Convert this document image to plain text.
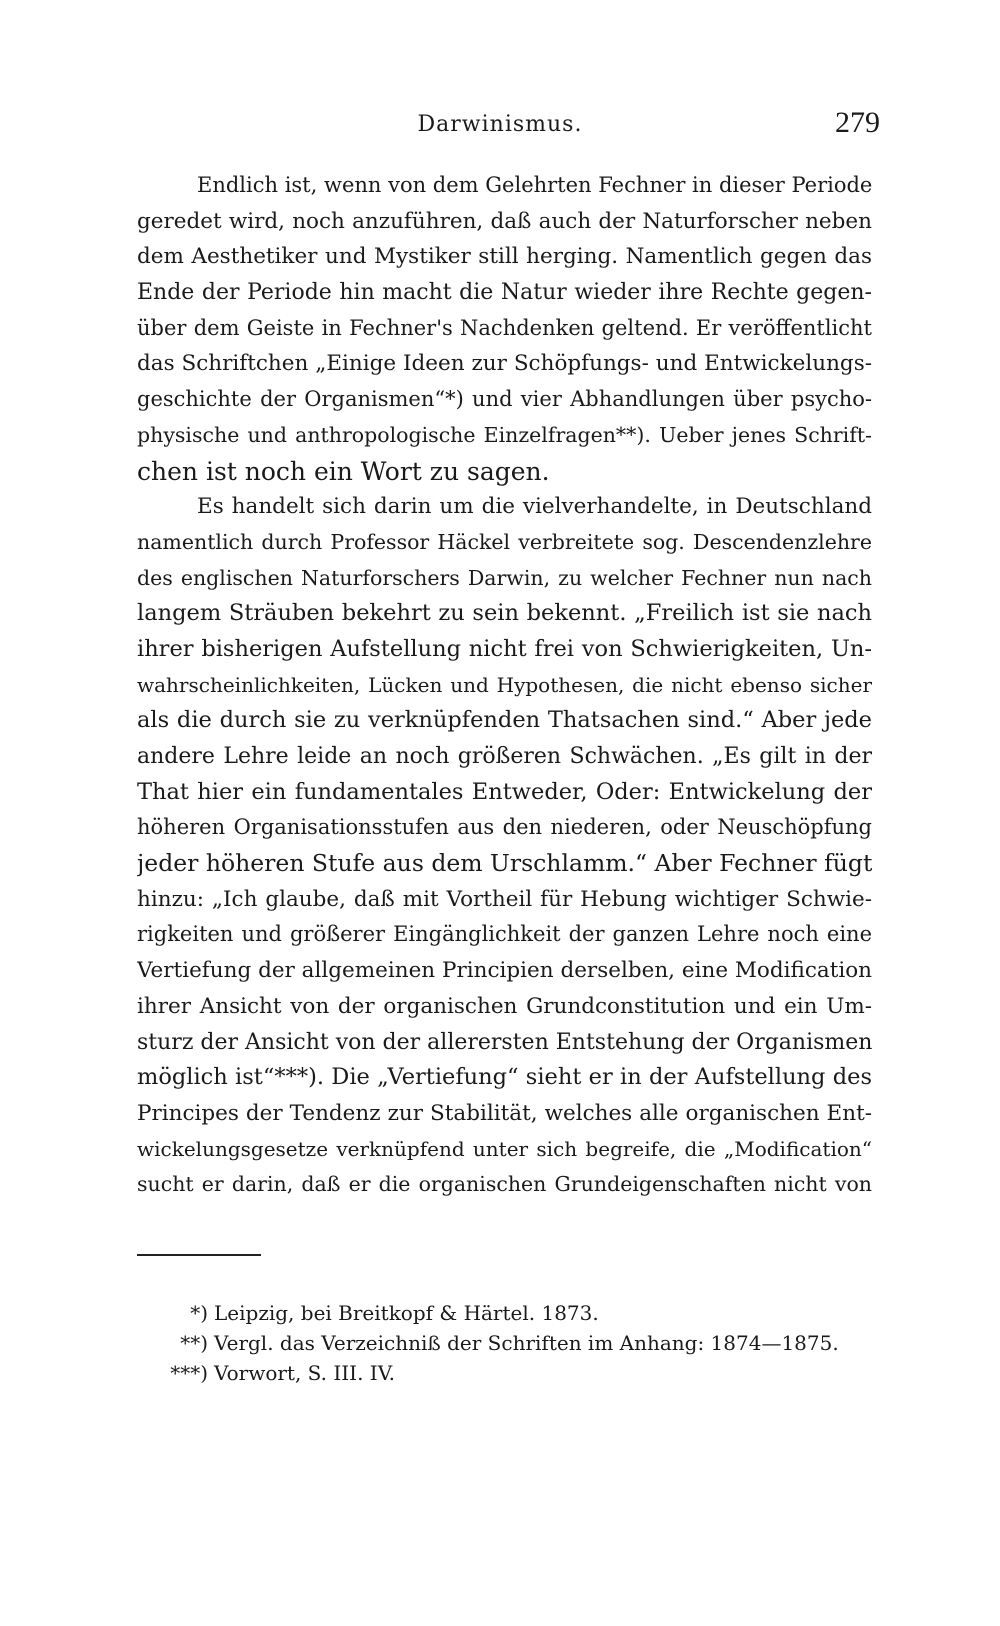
Darwinismus.	279
Endlich ist, wenn von dem Gelehrten Fechner in dieser Periode
geredet wird, noch anzuführen, daß auch der Naturforscher neben
dem Aesthetiker und Mystiker still herging. Namentlich gegen das
Ende der Periode hin macht die Natur wieder ihre Rechte gegen-
über dem Geiste in Fechner's Nachdenken geltend. Er veröffentlicht
das Schriftchen „Einige Ideen zur Schöpfungs- und Entwickelungs-
geschichte der Organismen“*) und vier Abhandlungen über psycho-
physische und anthropologische Einzelfragen**). Ueber jenes Schrift-
chen ist noch ein Wort zu sagen.
Es handelt sich darin um die vielverhandelte, in Deutschland
namentlich durch Professor Häckel verbreitete sog. Descendenzlehre
des englischen Naturforschers Darwin, zu welcher Fechner nun nach
langem Sträuben bekehrt zu sein bekennt. „Freilich ist sie nach
ihrer bisherigen Aufstellung nicht frei von Schwierigkeiten, Un-
wahrscheinlichkeiten, Lücken und Hypothesen, die nicht ebenso sicher
als die durch sie zu verknüpfenden Thatsachen sind.“ Aber jede
andere Lehre leide an noch größeren Schwächen. „Es gilt in der
That hier ein fundamentales Entweder, Oder: Entwickelung der
höheren Organisationsstufen aus den niederen, oder Neuschöpfung
jeder höheren Stufe aus dem Urschlamm.“ Aber Fechner fügt
hinzu: „Ich glaube, daß mit Vortheil für Hebung wichtiger Schwie-
rigkeiten und größerer Eingänglichkeit der ganzen Lehre noch eine
Vertiefung der allgemeinen Principien derselben, eine Modification
ihrer Ansicht von der organischen Grundconstitution und ein Um-
sturz der Ansicht von der allerersten Entstehung der Organismen
möglich ist“***). Die „Vertiefung“ sieht er in der Aufstellung des
Principes der Tendenz zur Stabilität, welches alle organischen Ent-
wickelungsgesetze verknüpfend unter sich begreife, die „Modification“
sucht er darin, daß er die organischen Grundeigenschaften nicht von
*) Leipzig, bei Breitkopf & Härtel. 1873.
**) Vergl. das Verzeichniß der Schriften im Anhang: 1874—1875.
***) Vorwort, S. III. IV.
